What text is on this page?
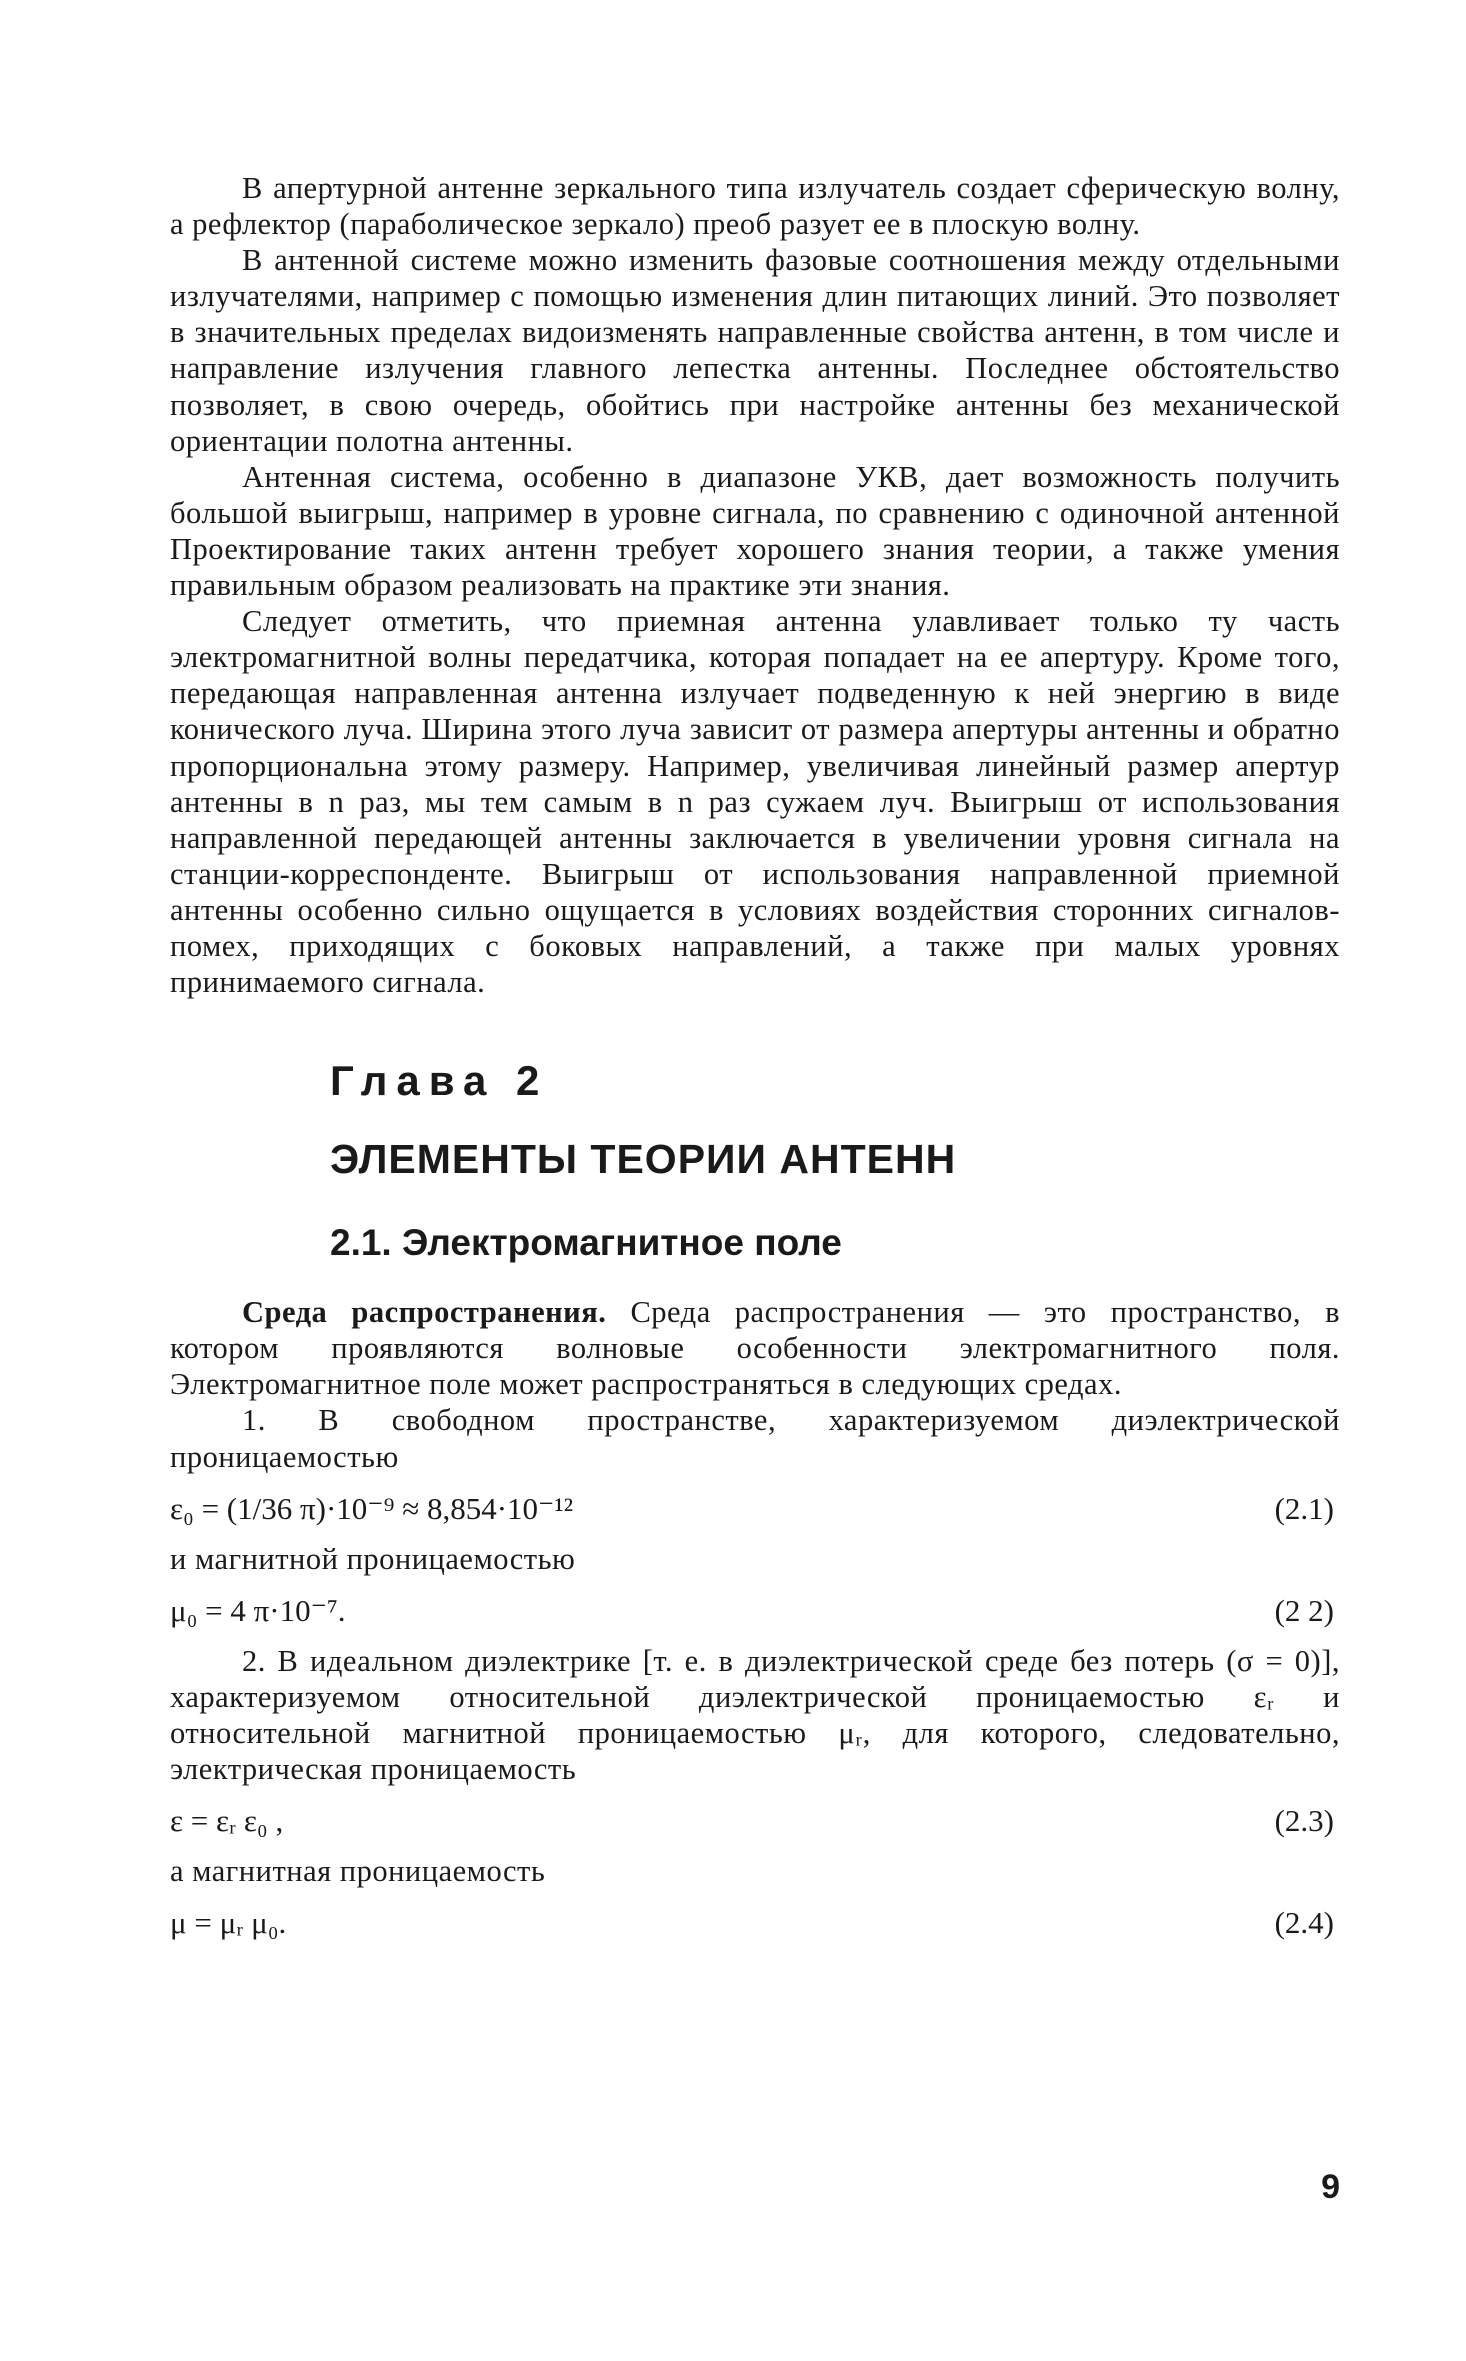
В апертурной антенне зеркального типа излучатель создает сферическую волну, а рефлектор (параболическое зеркало) преоб разует ее в плоскую волну.

В антенной системе можно изменить фазовые соотношения между отдельными излучателями, например с помощью изменения длин питающих линий. Это позволяет в значительных пределах видоизменять направленные свойства антенн, в том числе и направление излучения главного лепестка антенны. Последнее обстоятельство позволяет, в свою очередь, обойтись при настройке антенны без механической ориентации полотна антенны.

Антенная система, особенно в диапазоне УКВ, дает возможность получить большой выигрыш, например в уровне сигнала, по сравнению с одиночной антенной Проектирование таких антенн требует хорошего знания теории, а также умения правильным образом реализовать на практике эти знания.

Следует отметить, что приемная антенна улавливает только ту часть электромагнитной волны передатчика, которая попадает на ее апертуру. Кроме того, передающая направленная антенна излучает подведенную к ней энергию в виде конического луча. Ширина этого луча зависит от размера апертуры антенны и обратно пропорциональна этому размеру. Например, увеличивая линейный размер апертур антенны в n раз, мы тем самым в n раз сужаем луч. Выигрыш от использования направленной передающей антенны заключается в увеличении уровня сигнала на станции-корреспонденте. Выигрыш от использования направленной приемной антенны особенно сильно ощущается в условиях воздействия сторонних сигналов-помех, приходящих с боковых направлений, а также при малых уровнях принимаемого сигнала.

Глава 2
ЭЛЕМЕНТЫ ТЕОРИИ АНТЕНН
2.1. Электромагнитное поле

Среда распространения. Среда распространения — это пространство, в котором проявляются волновые особенности электромагнитного поля. Электромагнитное поле может распространяться в следующих средах.

1. В свободном пространстве, характеризуемом диэлектрической проницаемостью

ε₀ = (1/36 π)·10⁻⁹ ≈ 8,854·10⁻¹²	(2.1)

и магнитной проницаемостью

μ₀ = 4 π·10⁻⁷.	(2 2)

2. В идеальном диэлектрике [т. е. в диэлектрической среде без потерь (σ = 0)], характеризуемом относительной диэлектрической проницаемостью εᵣ и относительной магнитной проницаемостью μᵣ, для которого, следовательно, электрическая проницаемость

ε = εᵣ ε₀ ,	(2.3)

а магнитная проницаемость

μ = μᵣ μ₀.	(2.4)
9
